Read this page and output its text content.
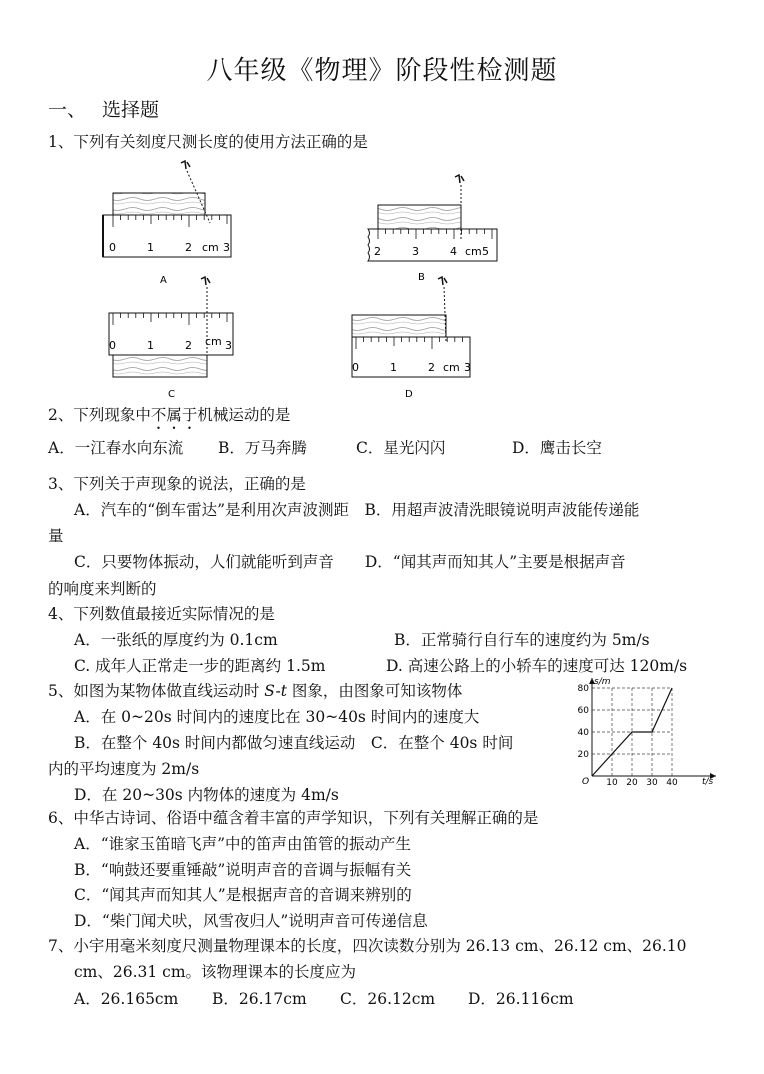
八年级《物理》阶段性检测题
一、 选择题
1、下列有关刻度尺测长度的使用方法正确的是
0	1	2 cm 3
A
2	3	4 cm 5
B
0	1	2 cm 3
C
0	1	2 cm 3
D
2、下列现象中不属于机械运动的是
A．一江春水向东流 B．万马奔腾	C．星光闪闪	D．鹰击长空
3、下列关于声现象的说法，正确的是
A．汽车的“倒车雷达”是利用次声波测距　B．用超声波清洗眼镜说明声波能传递能
量
C．只要物体振动，人们就能听到声音　　D．“闻其声而知其人”主要是根据声音
的响度来判断的
4、下列数值最接近实际情况的是
A．一张纸的厚度约为 0.1cm	B．正常骑行自行车的速度约为 5m/s
C. 成年人正常走一步的距离约 1.5m	D. 高速公路上的小轿车的速度可达 120m/s
5、如图为某物体做直线运动时 S-t 图象，由图象可知该物体
A．在 0~20s 时间内的速度比在 30~40s 时间内的速度大
B．在整个 40s 时间内都做匀速直线运动　C．在整个 40s 时间
内的平均速度为 2m/s
D．在 20~30s 内物体的速度为 4m/s
20
40
60
80
10 20 30 40
s/m
t/s
O
6、中华古诗词、俗语中蕴含着丰富的声学知识，下列有关理解正确的是
A．“谁家玉笛暗飞声”中的笛声由笛管的振动产生
B．“响鼓还要重锤敲”说明声音的音调与振幅有关
C．“闻其声而知其人”是根据声音的音调来辨别的
D．“柴门闻犬吠，风雪夜归人”说明声音可传递信息
7、小宇用毫米刻度尺测量物理课本的长度，四次读数分别为 26.13 cm、26.12 cm、26.10
cm、26.31 cm。该物理课本的长度应为
A．26.165cm B．26.17cm C．26.12cm D．26.116cm
